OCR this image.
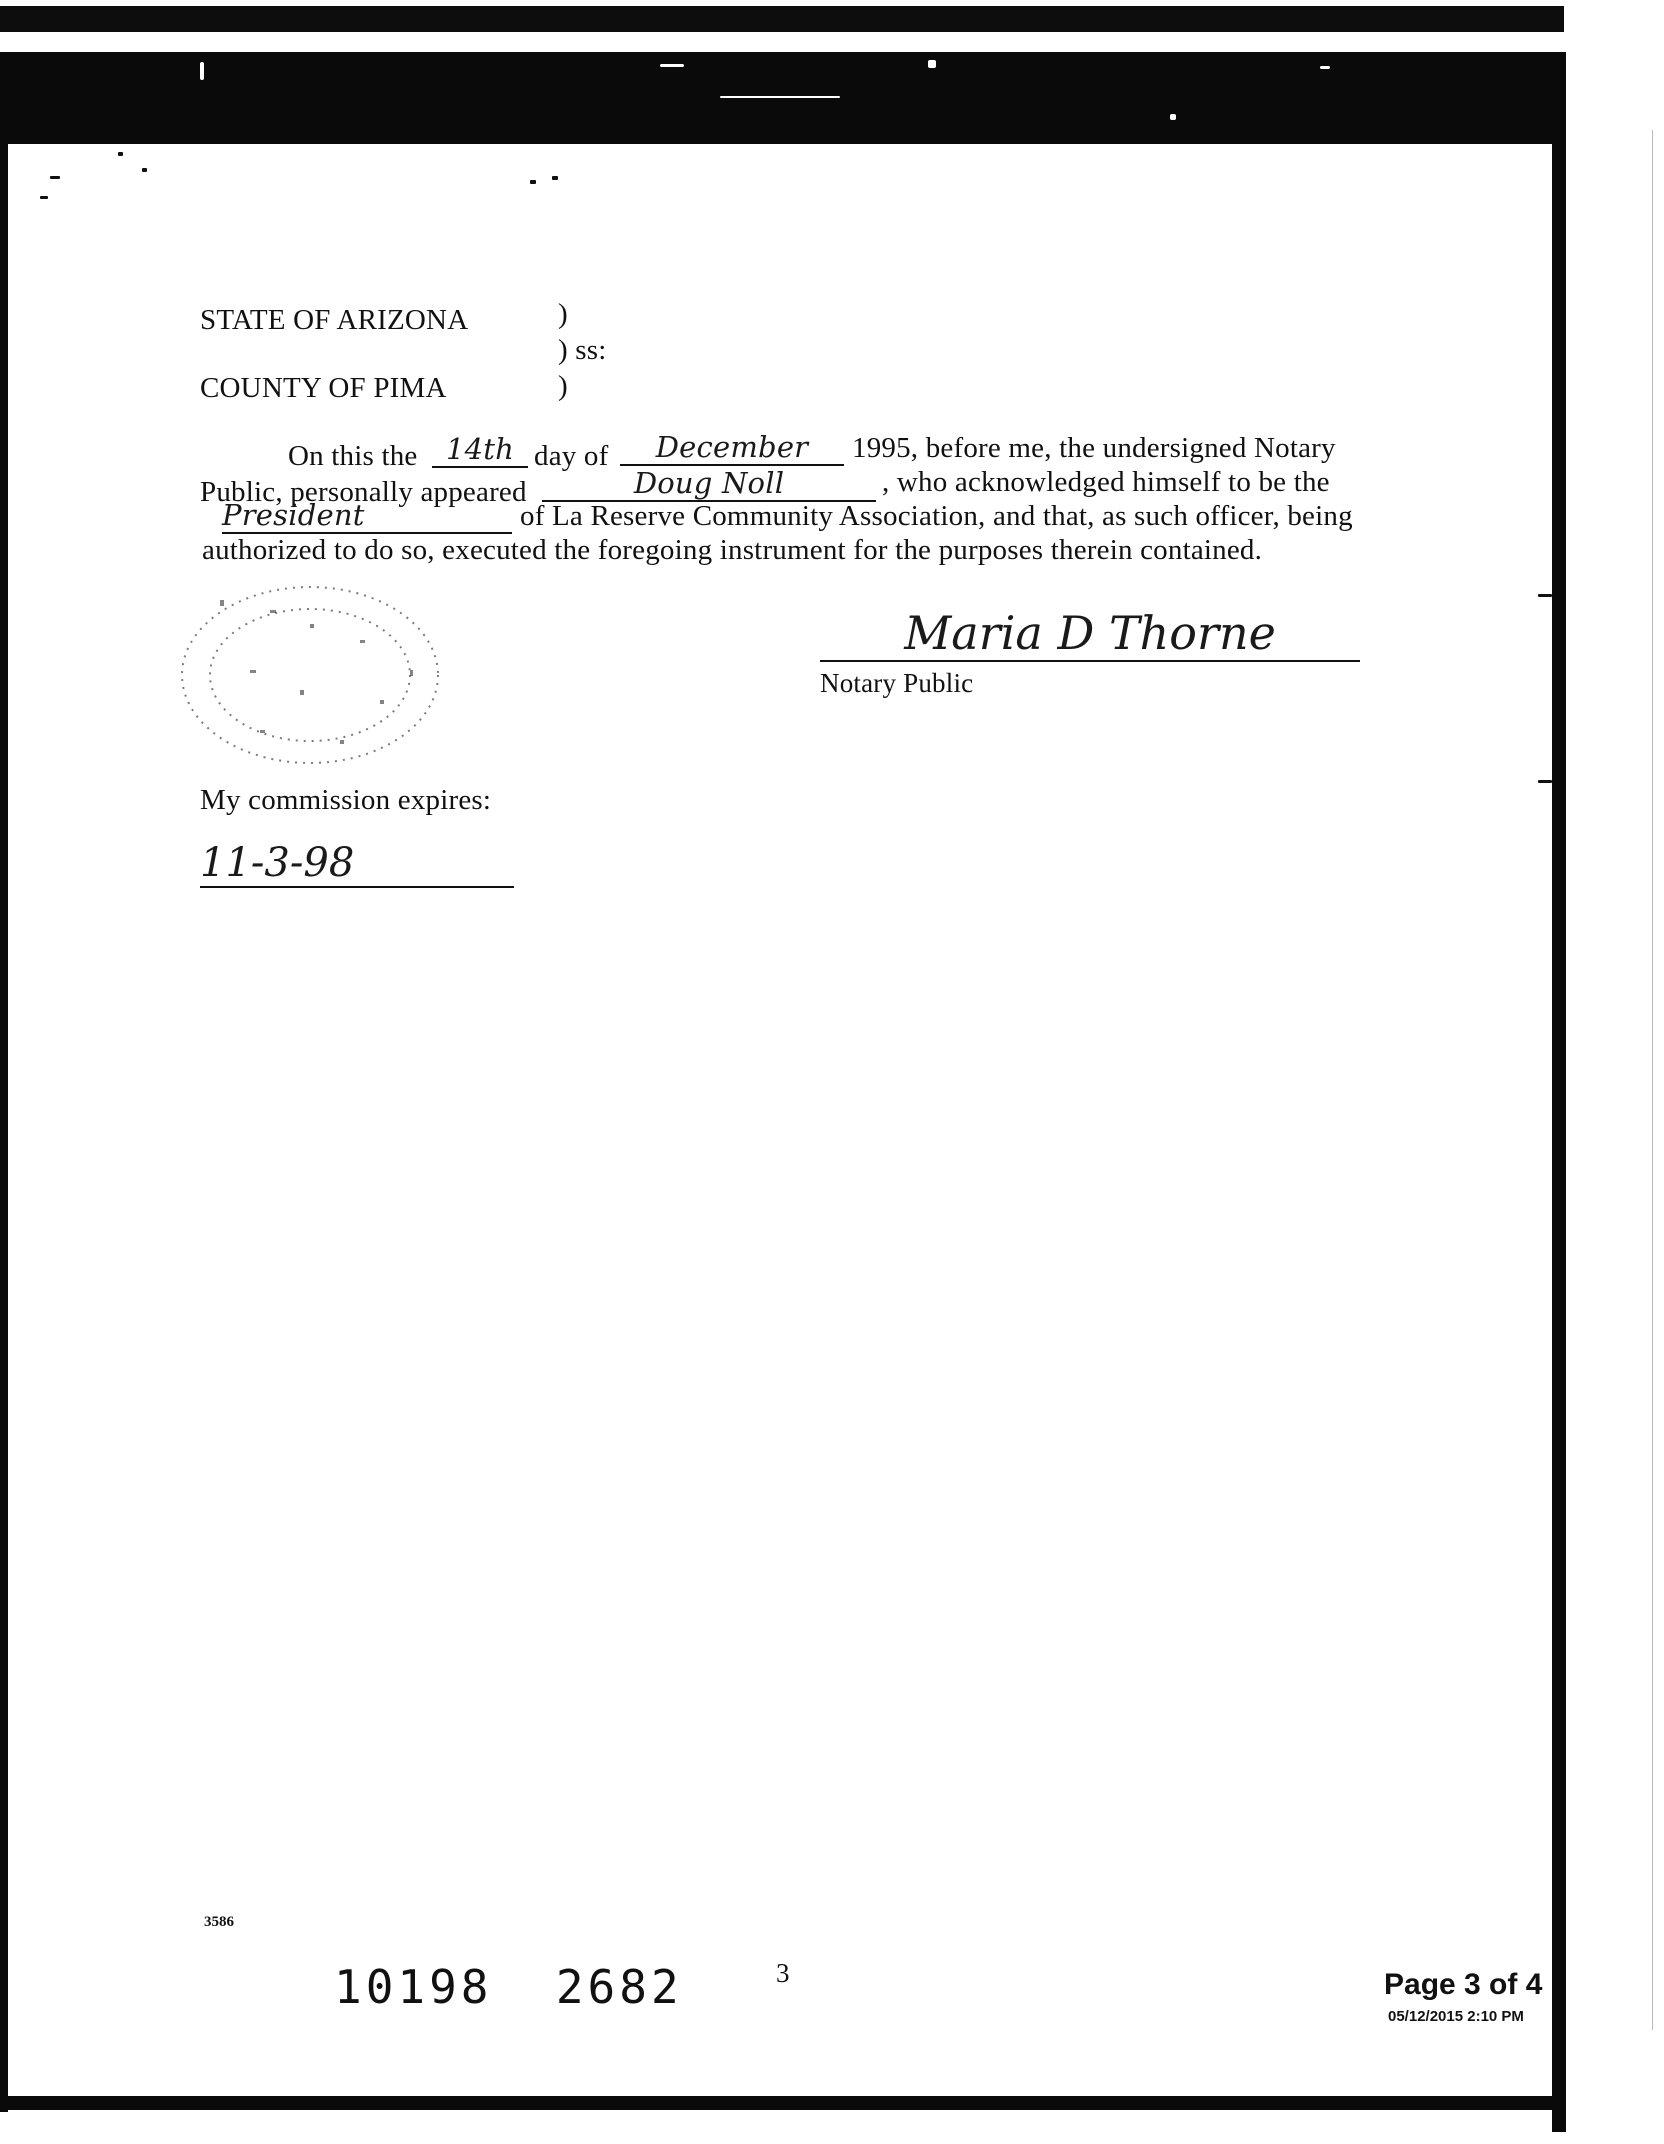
STATE OF ARIZONA	)
) ss:
COUNTY OF PIMA	)
On this the 14th day of	December	1995, before me, the undersigned Notary
Public, personally appeared	Doug Noll	, who acknowledged himself to be the
President	of La Reserve Community Association, and that, as such officer, being
authorized to do so, executed the foregoing instrument for the purposes therein contained.
Maria D Thorne
Notary Public
My commission expires:
11-3-98
3586
3
10198  2682	Page 3 of 4
05/12/2015 2:10 PM
